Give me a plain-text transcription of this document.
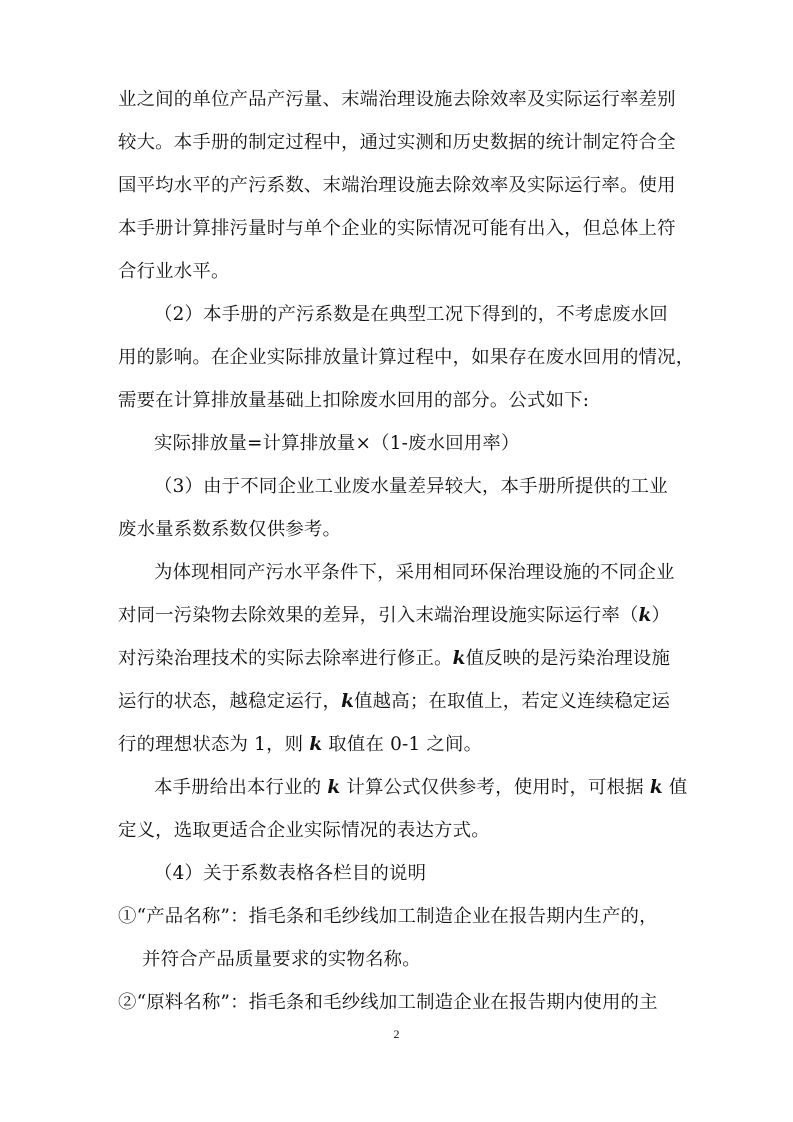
业之间的单位产品产污量、末端治理设施去除效率及实际运行率差别
较大。本手册的制定过程中，通过实测和历史数据的统计制定符合全
国平均水平的产污系数、末端治理设施去除效率及实际运行率。使用
本手册计算排污量时与单个企业的实际情况可能有出入，但总体上符
合行业水平。
（2）本手册的产污系数是在典型工况下得到的，不考虑废水回
用的影响。在企业实际排放量计算过程中，如果存在废水回用的情况，
需要在计算排放量基础上扣除废水回用的部分。公式如下:
实际排放量=计算排放量×（1-废水回用率）
（3）由于不同企业工业废水量差异较大，本手册所提供的工业
废水量系数系数仅供参考。
为体现相同产污水平条件下，采用相同环保治理设施的不同企业
对同一污染物去除效果的差异，引入末端治理设施实际运行率（k）
对污染治理技术的实际去除率进行修正。k值反映的是污染治理设施
运行的状态，越稳定运行，k值越高；在取值上，若定义连续稳定运
行的理想状态为 1，则 k 取值在 0-1 之间。
本手册给出本行业的 k 计算公式仅供参考，使用时，可根据 k 值
定义，选取更适合企业实际情况的表达方式。
（4）关于系数表格各栏目的说明
①“产品名称”：指毛条和毛纱线加工制造企业在报告期内生产的，
并符合产品质量要求的实物名称。
②“原料名称”：指毛条和毛纱线加工制造企业在报告期内使用的主
2
